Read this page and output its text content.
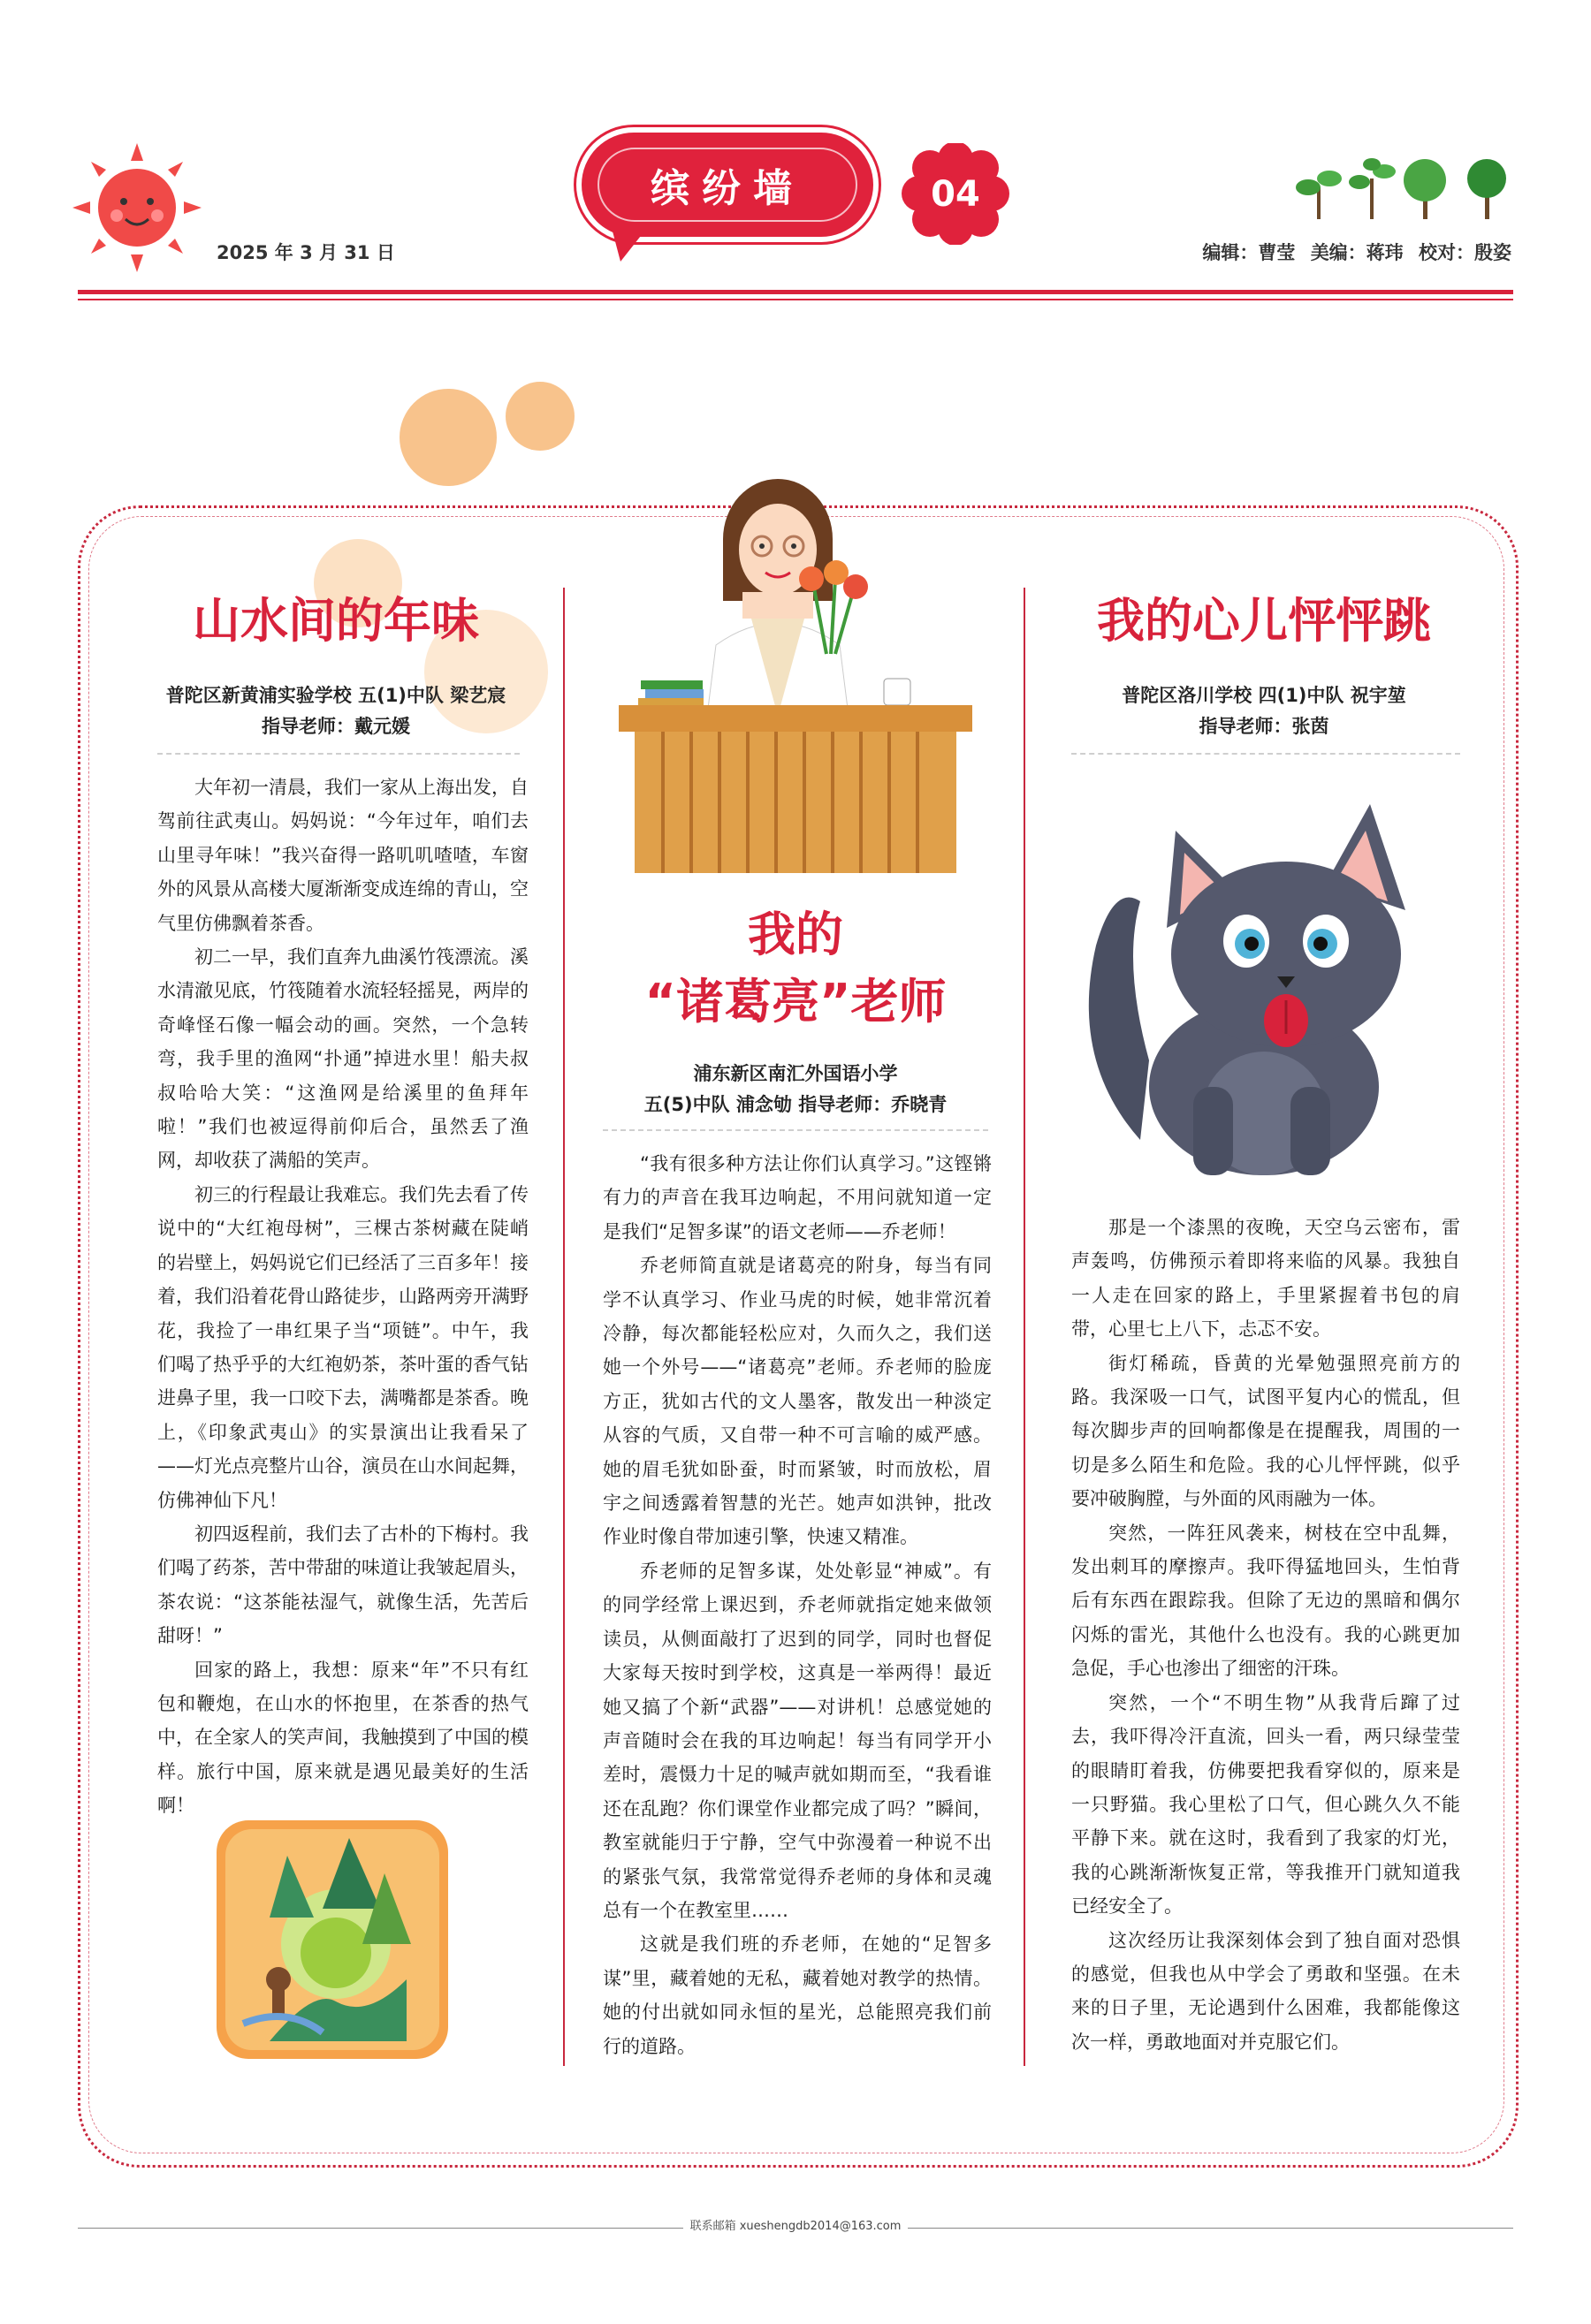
缤纷墙	04
2025 年 3 月 31 日	编辑：曹莹 美编：蒋玮 校对：殷姿
山水间的年味
普陀区新黄浦实验学校 五(1)中队 梁艺宸
指导老师：戴元媛

大年初一清晨，我们一家从上海出发，自驾前往武夷山。妈妈说：“今年过年，咱们去山里寻年味！”我兴奋得一路叽叽喳喳，车窗外的风景从高楼大厦渐渐变成连绵的青山，空气里仿佛飘着茶香。

初二一早，我们直奔九曲溪竹筏漂流。溪水清澈见底，竹筏随着水流轻轻摇晃，两岸的奇峰怪石像一幅会动的画。突然，一个急转弯，我手里的渔网“扑通”掉进水里！船夫叔叔哈哈大笑：“这渔网是给溪里的鱼拜年啦！”我们也被逗得前仰后合，虽然丢了渔网，却收获了满船的笑声。

初三的行程最让我难忘。我们先去看了传说中的“大红袍母树”，三棵古茶树藏在陡峭的岩壁上，妈妈说它们已经活了三百多年！接着，我们沿着花骨山路徒步，山路两旁开满野花，我捡了一串红果子当“项链”。中午，我们喝了热乎乎的大红袍奶茶，茶叶蛋的香气钻进鼻子里，我一口咬下去，满嘴都是茶香。晚上，《印象武夷山》的实景演出让我看呆了——灯光点亮整片山谷，演员在山水间起舞，仿佛神仙下凡！

初四返程前，我们去了古朴的下梅村。我们喝了药茶，苦中带甜的味道让我皱起眉头，茶农说：“这茶能祛湿气，就像生活，先苦后甜呀！”

回家的路上，我想：原来“年”不只有红包和鞭炮，在山水的怀抱里，在茶香的热气中，在全家人的笑声间，我触摸到了中国的模样。旅行中国，原来就是遇见最美好的生活啊！

我的
“诸葛亮”老师
浦东新区南汇外国语小学
五(5)中队 浦念劬 指导老师：乔晓青

“我有很多种方法让你们认真学习。”这铿锵有力的声音在我耳边响起，不用问就知道一定是我们“足智多谋”的语文老师——乔老师！

乔老师简直就是诸葛亮的附身，每当有同学不认真学习、作业马虎的时候，她非常沉着冷静，每次都能轻松应对，久而久之，我们送她一个外号——“诸葛亮”老师。乔老师的脸庞方正，犹如古代的文人墨客，散发出一种淡定从容的气质，又自带一种不可言喻的威严感。她的眉毛犹如卧蚕，时而紧皱，时而放松，眉宇之间透露着智慧的光芒。她声如洪钟，批改作业时像自带加速引擎，快速又精准。

乔老师的足智多谋，处处彰显“神威”。有的同学经常上课迟到，乔老师就指定她来做领读员，从侧面敲打了迟到的同学，同时也督促大家每天按时到学校，这真是一举两得！最近她又搞了个新“武器”——对讲机！总感觉她的声音随时会在我的耳边响起！每当有同学开小差时，震慑力十足的喊声就如期而至，“我看谁还在乱跑？你们课堂作业都完成了吗？”瞬间，教室就能归于宁静，空气中弥漫着一种说不出的紧张气氛，我常常觉得乔老师的身体和灵魂总有一个在教室里……

这就是我们班的乔老师，在她的“足智多谋”里，藏着她的无私，藏着她对教学的热情。她的付出就如同永恒的星光，总能照亮我们前行的道路。

我的心儿怦怦跳
普陀区洛川学校 四(1)中队 祝宇堃
指导老师：张茵

那是一个漆黑的夜晚，天空乌云密布，雷声轰鸣，仿佛预示着即将来临的风暴。我独自一人走在回家的路上，手里紧握着书包的肩带，心里七上八下，忐忑不安。

街灯稀疏，昏黄的光晕勉强照亮前方的路。我深吸一口气，试图平复内心的慌乱，但每次脚步声的回响都像是在提醒我，周围的一切是多么陌生和危险。我的心儿怦怦跳，似乎要冲破胸膛，与外面的风雨融为一体。

突然，一阵狂风袭来，树枝在空中乱舞，发出刺耳的摩擦声。我吓得猛地回头，生怕背后有东西在跟踪我。但除了无边的黑暗和偶尔闪烁的雷光，其他什么也没有。我的心跳更加急促，手心也渗出了细密的汗珠。

突然，一个“不明生物”从我背后蹿了过去，我吓得冷汗直流，回头一看，两只绿莹莹的眼睛盯着我，仿佛要把我看穿似的，原来是一只野猫。我心里松了口气，但心跳久久不能平静下来。就在这时，我看到了我家的灯光，我的心跳渐渐恢复正常，等我推开门就知道我已经安全了。

这次经历让我深刻体会到了独自面对恐惧的感觉，但我也从中学会了勇敢和坚强。在未来的日子里，无论遇到什么困难，我都能像这次一样，勇敢地面对并克服它们。

联系邮箱 xueshengdb2014@163.com
